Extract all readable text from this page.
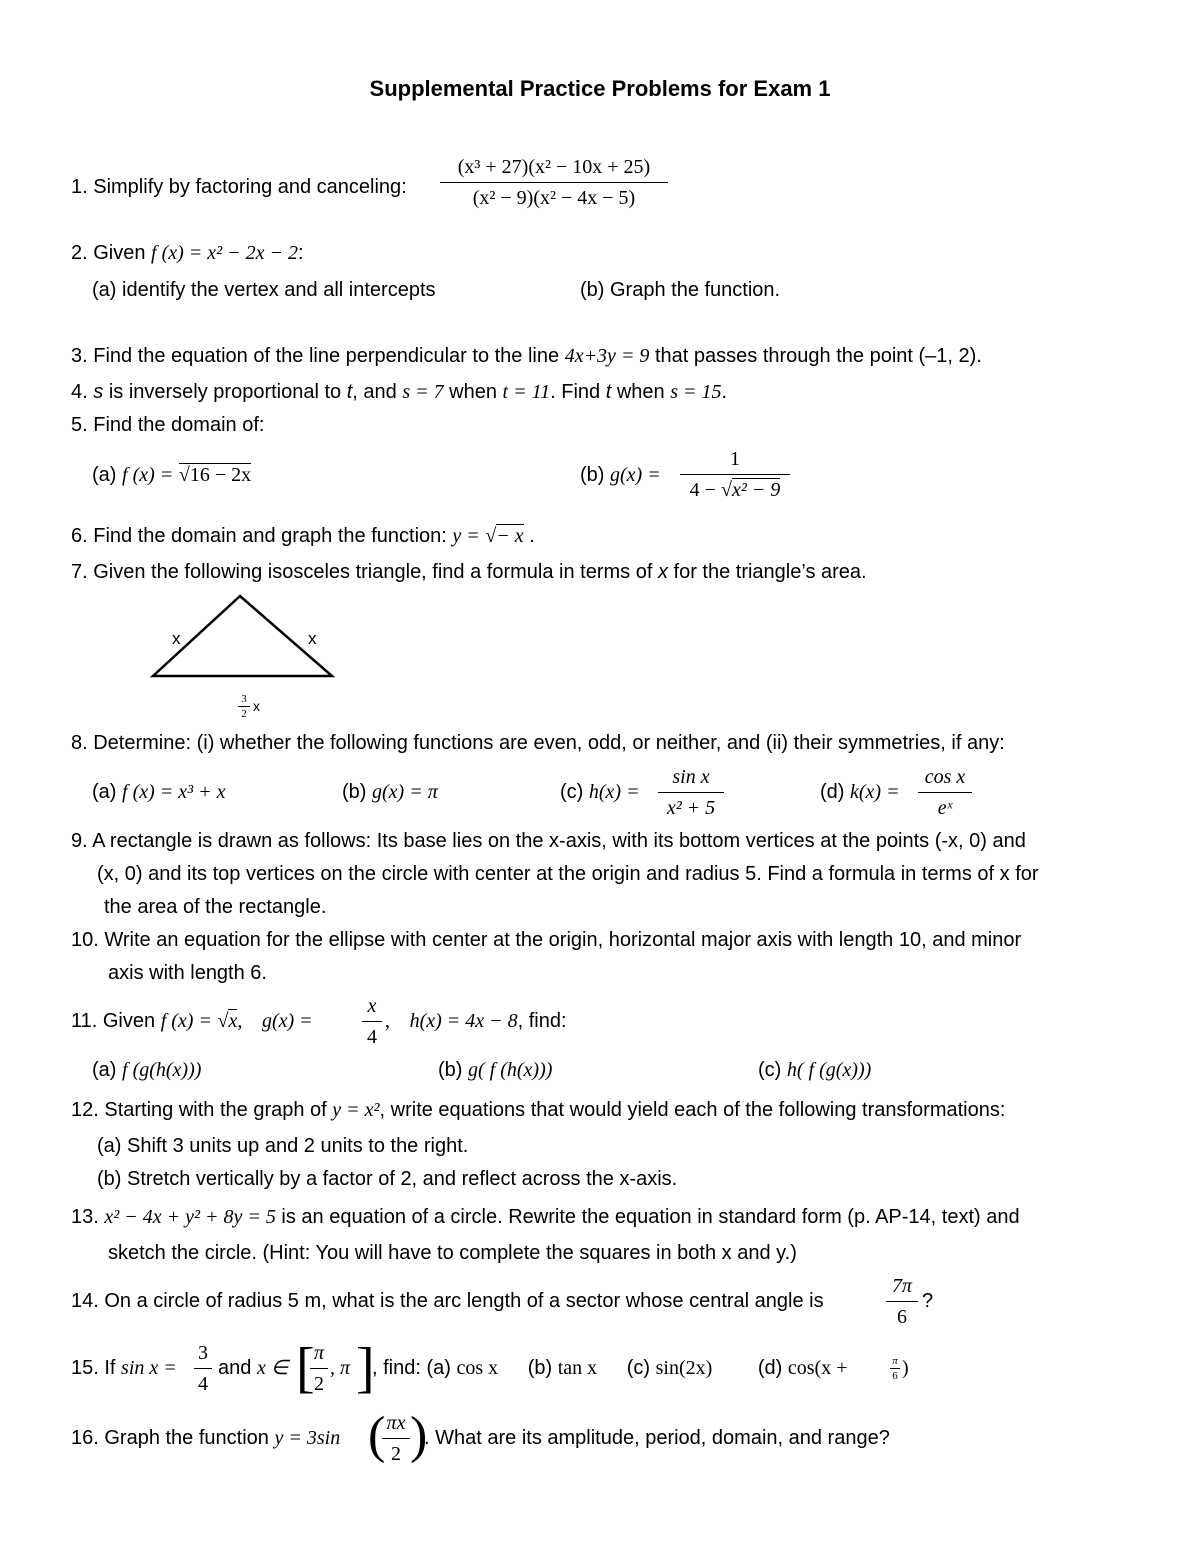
Supplemental Practice Problems for Exam 1
1. Simplify by factoring and canceling:
(x³ + 27)(x² − 10x + 25)
(x² − 9)(x² − 4x − 5)
2. Given f (x) = x² − 2x − 2:
(a) identify the vertex and all intercepts	(b) Graph the function.
3. Find the equation of the line perpendicular to the line 4x+3y = 9 that passes through the point (–1, 2).
4. s is inversely proportional to t, and s = 7 when t = 11. Find t when s = 15.
5. Find the domain of:
(a) f (x) = √16 − 2x	(b) g(x) =
1
4 − √x² − 9
6. Find the domain and graph the function: y = √− x .
7. Given the following isosceles triangle, find a formula in terms of x for the triangle’s area.
x	x
3
2 x
8. Determine: (i) whether the following functions are even, odd, or neither, and (ii) their symmetries, if any:
(a) f (x) = x³ + x	(b) g(x) = π	(c) h(x) =
sin x
x² + 5
(d) k(x) =
cos x
eˣ
9. A rectangle is drawn as follows: Its base lies on the x-axis, with its bottom vertices at the points (-x, 0) and
(x, 0) and its top vertices on the circle with center at the origin and radius 5. Find a formula in terms of x for
the area of the rectangle.
10. Write an equation for the ellipse with center at the origin, horizontal major axis with length 10, and minor
axis with length 6.
11. Given f (x) = √x, g(x) =
x
4
, h(x) = 4x − 8, find:
(a) f (g(h(x)))	(b) g( f (h(x)))	(c) h( f (g(x)))
12. Starting with the graph of y = x², write equations that would yield each of the following transformations:
(a) Shift 3 units up and 2 units to the right.
(b) Stretch vertically by a factor of 2, and reflect across the x-axis.
13. x² − 4x + y² + 8y = 5 is an equation of a circle. Rewrite the equation in standard form (p. AP-14, text) and
sketch the circle. (Hint: You will have to complete the squares in both x and y.)
14. On a circle of radius 5 m, what is the arc length of a sector whose central angle is
7π
6
?
15. If sin x =
3
4
and x ∈ [ π
2
, π ]
, find: (a) cos x (b) tan x (c) sin(2x) (d) cos(x +	π
6 )
16. Graph the function y = 3sin ( πx
2 )
. What are its amplitude, period, domain, and range?
